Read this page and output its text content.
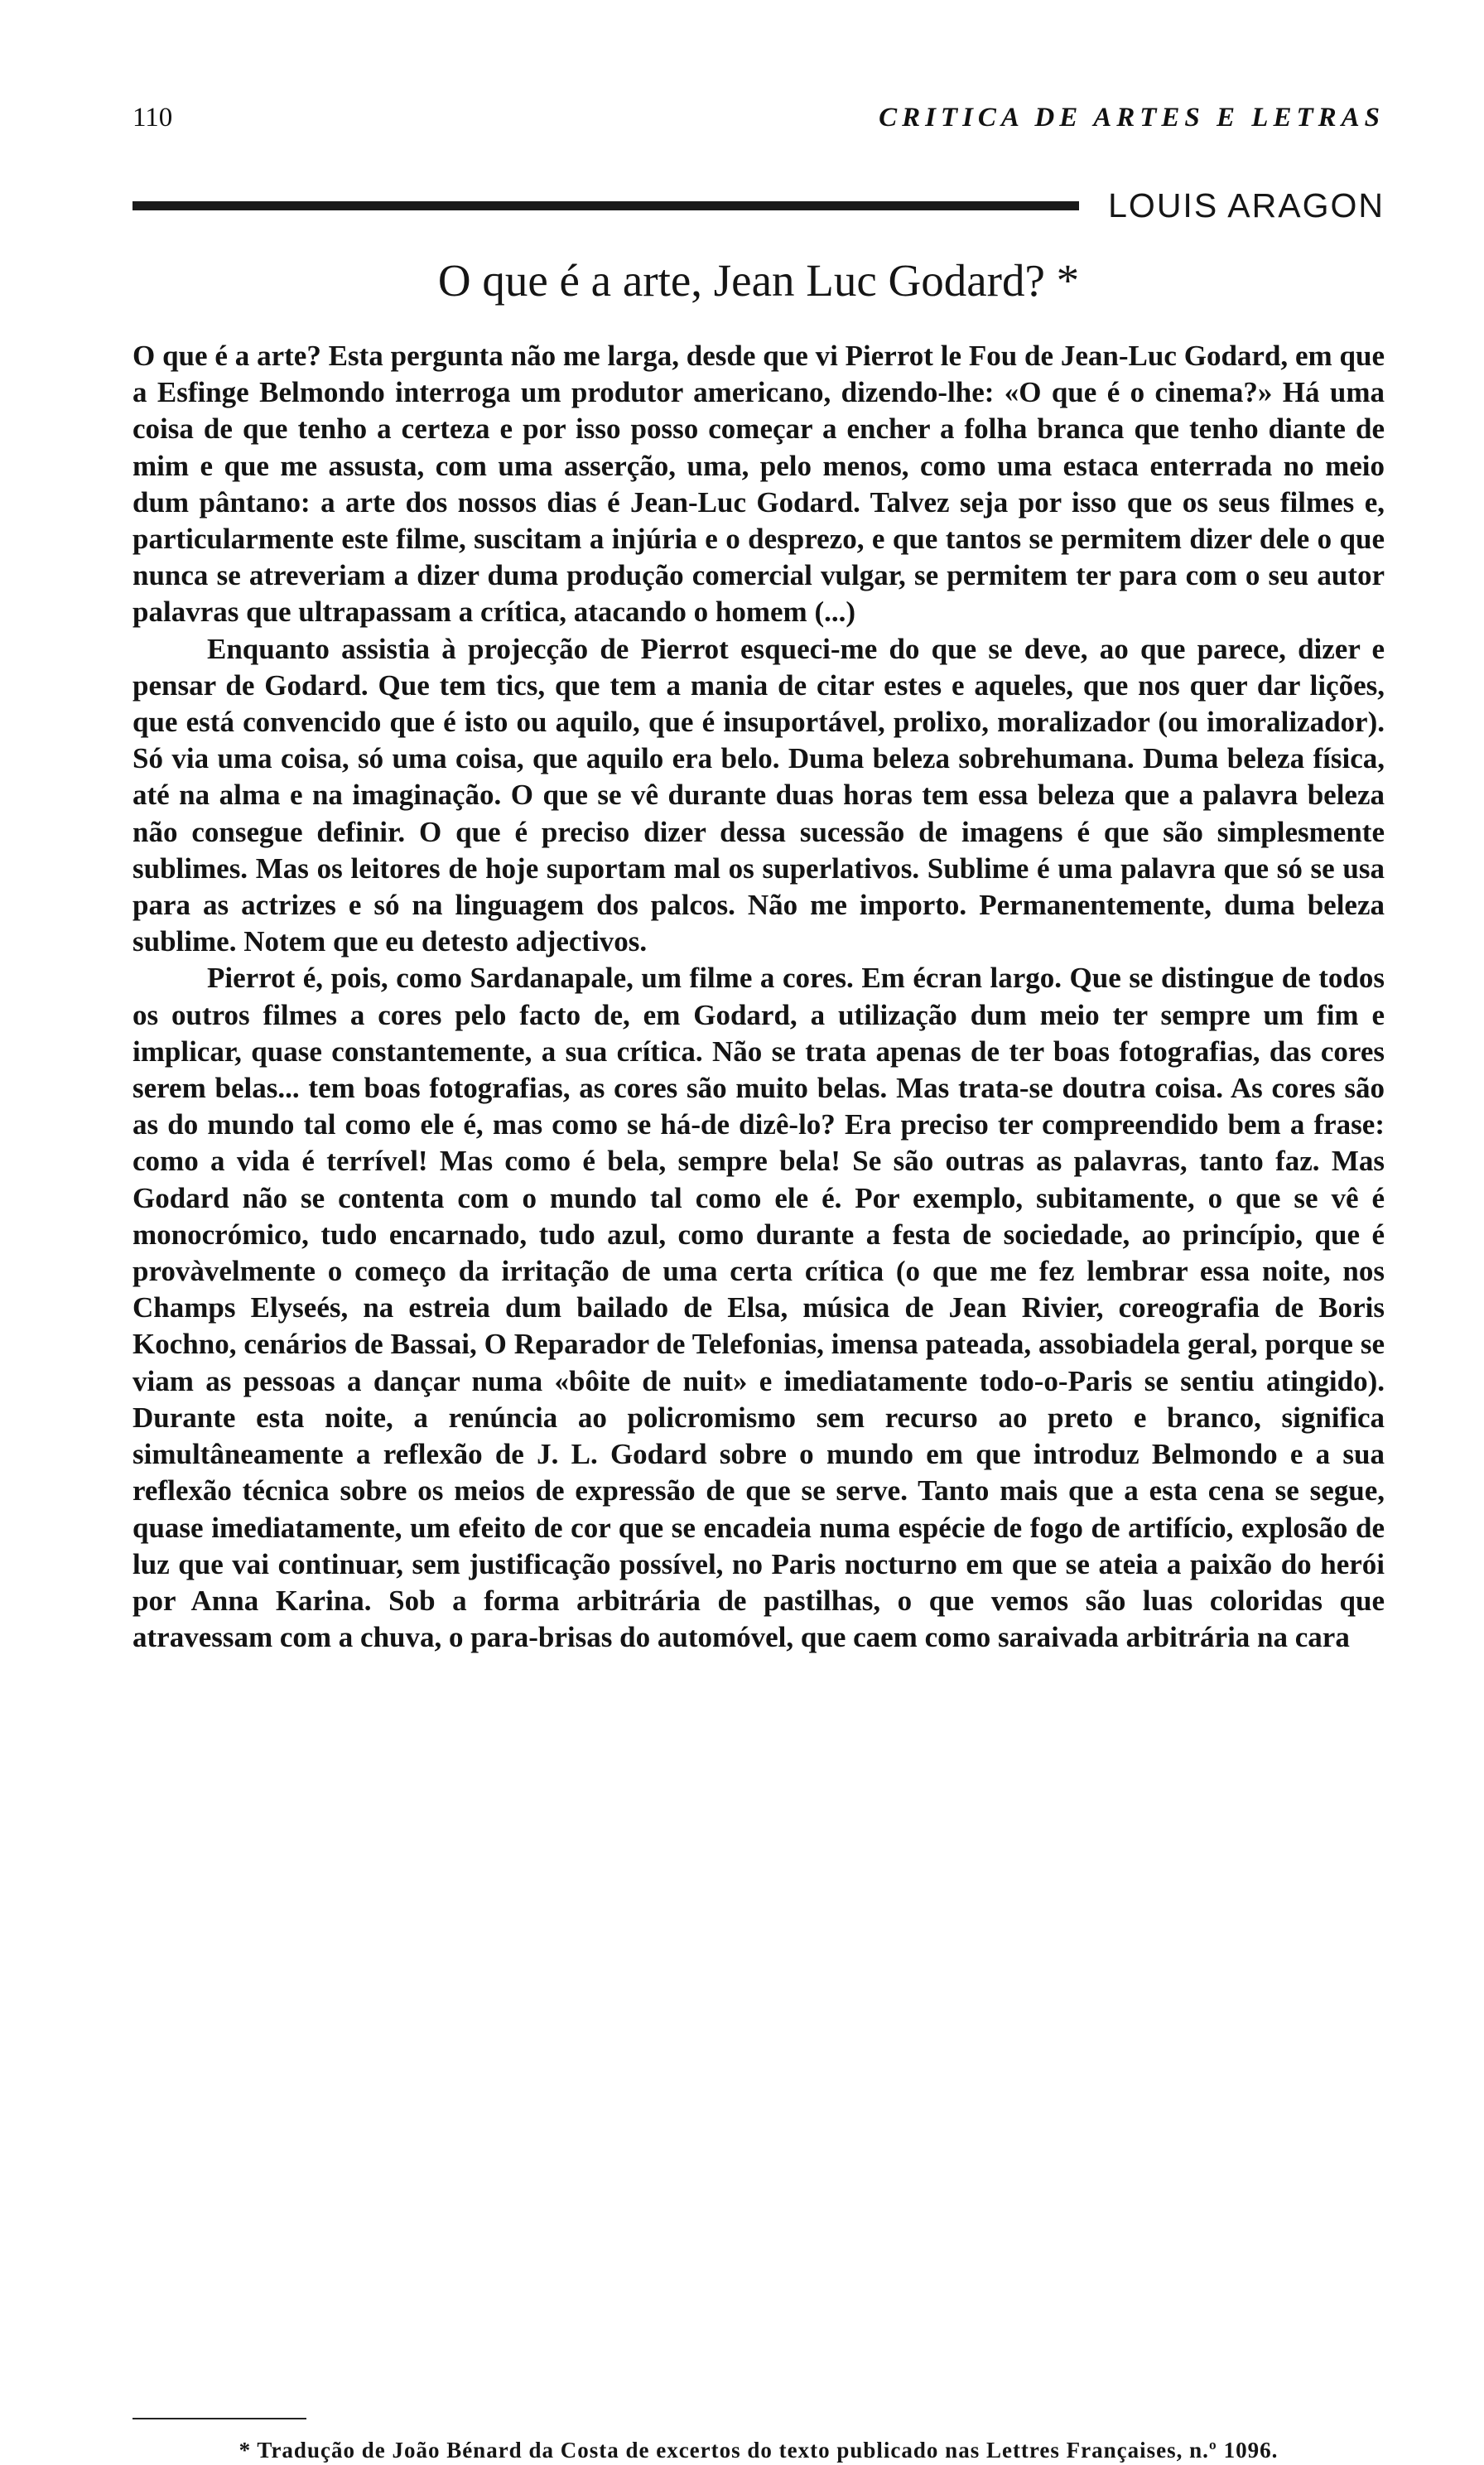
110	CRITICA DE ARTES E LETRAS
LOUIS ARAGON
O que é a arte, Jean Luc Godard? *

O que é a arte? Esta pergunta não me larga, desde que vi Pierrot le Fou de Jean-Luc Godard, em que a Esfinge Belmondo interroga um produtor americano, dizendo-lhe: «O que é o cinema?» Há uma coisa de que tenho a certeza e por isso posso começar a encher a folha branca que tenho diante de mim e que me assusta, com uma asserção, uma, pelo menos, como uma estaca enterrada no meio dum pântano: a arte dos nossos dias é Jean-Luc Godard. Talvez seja por isso que os seus filmes e, particularmente este filme, suscitam a injúria e o desprezo, e que tantos se permitem dizer dele o que nunca se atreveriam a dizer duma produção comercial vulgar, se permitem ter para com o seu autor palavras que ultrapassam a crítica, atacando o homem (...)

Enquanto assistia à projecção de Pierrot esqueci-me do que se deve, ao que parece, dizer e pensar de Godard. Que tem tics, que tem a mania de citar estes e aqueles, que nos quer dar lições, que está convencido que é isto ou aquilo, que é insuportável, prolixo, moralizador (ou imoralizador). Só via uma coisa, só uma coisa, que aquilo era belo. Duma beleza sobrehumana. Duma beleza física, até na alma e na imaginação. O que se vê durante duas horas tem essa beleza que a palavra beleza não consegue definir. O que é preciso dizer dessa sucessão de imagens é que são simplesmente sublimes. Mas os leitores de hoje suportam mal os superlativos. Sublime é uma palavra que só se usa para as actrizes e só na linguagem dos palcos. Não me importo. Permanentemente, duma beleza sublime. Notem que eu detesto adjectivos.

Pierrot é, pois, como Sardanapale, um filme a cores. Em écran largo. Que se distingue de todos os outros filmes a cores pelo facto de, em Godard, a utilização dum meio ter sempre um fim e implicar, quase constantemente, a sua crítica. Não se trata apenas de ter boas fotografias, das cores serem belas... tem boas fotografias, as cores são muito belas. Mas trata-se doutra coisa. As cores são as do mundo tal como ele é, mas como se há-de dizê-lo? Era preciso ter compreendido bem a frase: como a vida é terrível! Mas como é bela, sempre bela! Se são outras as palavras, tanto faz. Mas Godard não se contenta com o mundo tal como ele é. Por exemplo, subitamente, o que se vê é monocrómico, tudo encarnado, tudo azul, como durante a festa de sociedade, ao princípio, que é provàvelmente o começo da irritação de uma certa crítica (o que me fez lembrar essa noite, nos Champs Elyseés, na estreia dum bailado de Elsa, música de Jean Rivier, coreografia de Boris Kochno, cenários de Bassai, O Reparador de Telefonias, imensa pateada, assobiadela geral, porque se viam as pessoas a dançar numa «bôite de nuit» e imediatamente todo-o-Paris se sentiu atingido). Durante esta noite, a renúncia ao policromismo sem recurso ao preto e branco, significa simultâneamente a reflexão de J. L. Godard sobre o mundo em que introduz Belmondo e a sua reflexão técnica sobre os meios de expressão de que se serve. Tanto mais que a esta cena se segue, quase imediatamente, um efeito de cor que se encadeia numa espécie de fogo de artifício, explosão de luz que vai continuar, sem justificação possível, no Paris nocturno em que se ateia a paixão do herói por Anna Karina. Sob a forma arbitrária de pastilhas, o que vemos são luas coloridas que atravessam com a chuva, o para-brisas do automóvel, que caem como saraivada arbitrária na cara

* Tradução de João Bénard da Costa de excertos do texto publicado nas Lettres Françaises, n.º 1096.
